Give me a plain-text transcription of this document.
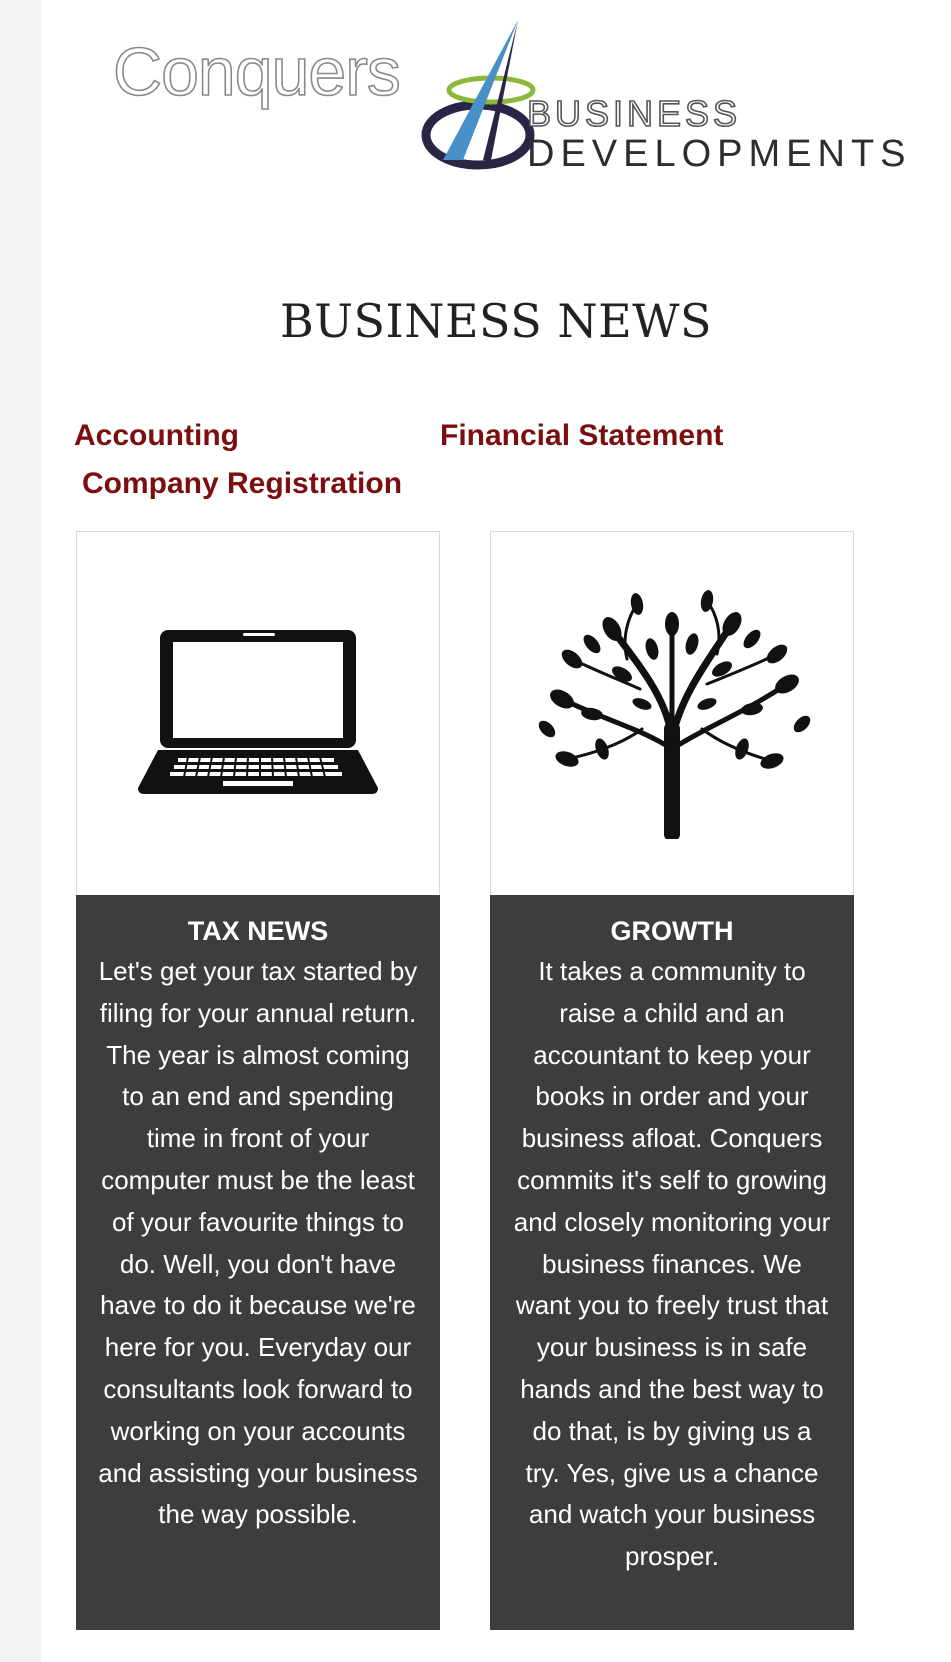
Conquers
BUSINESS
DEVELOPMENTS
BUSINESS NEWS
Accounting	Financial Statement
Company Registration

TAX NEWS

Let's get your tax started by filing for your annual return. The year is almost coming to an end and spending time in front of your computer must be the least of your favourite things to do. Well, you don't have have to do it because we're here for you. Everyday our consultants look forward to working on your accounts and assisting your business the way possible.

GROWTH

It takes a community to raise a child and an accountant to keep your books in order and your business afloat. Conquers commits it's self to growing and closely monitoring your business finances. We want you to freely trust that your business is in safe hands and the best way to do that, is by giving us a try. Yes, give us a chance and watch your business prosper.
